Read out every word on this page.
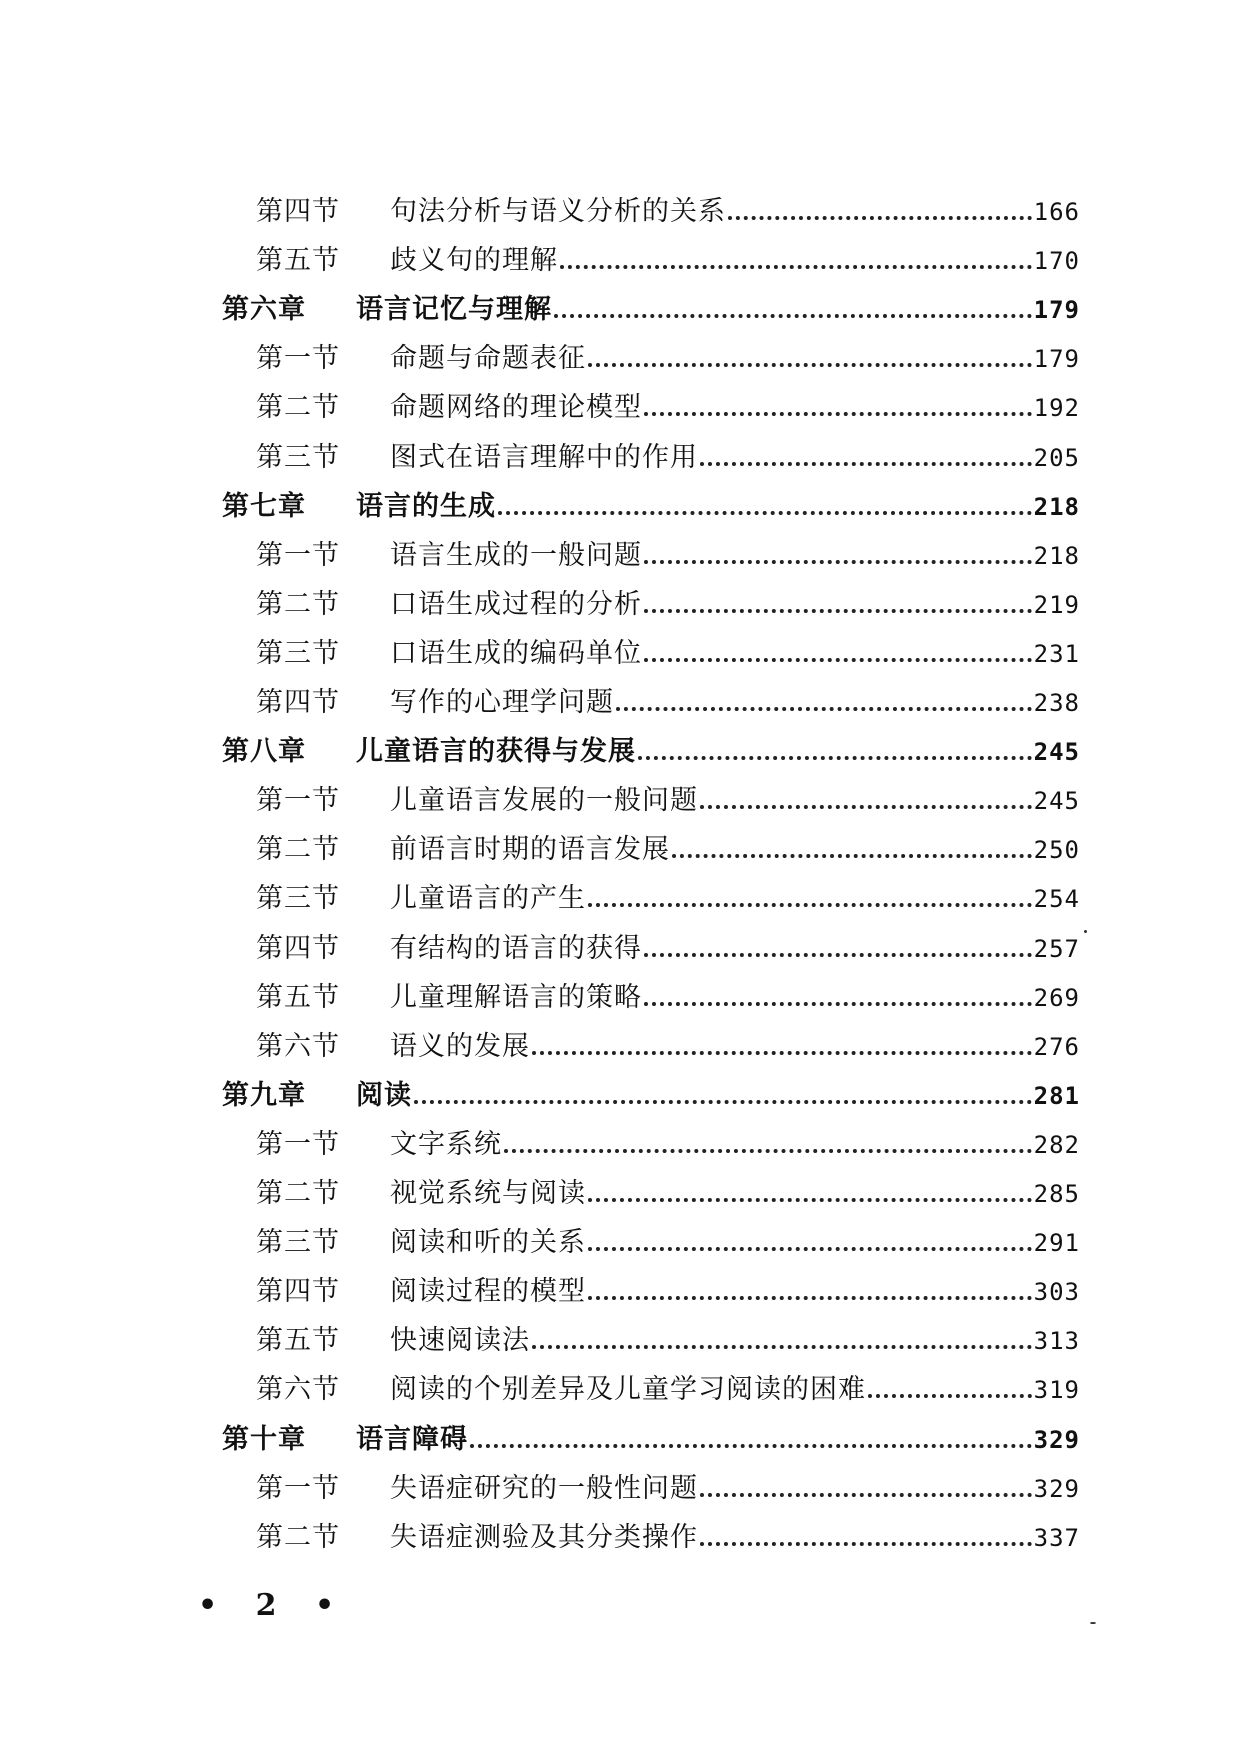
第四节	句法分析与语义分析的关系	166
第五节	歧义句的理解	170
第六章	语言记忆与理解	179
第一节	命题与命题表征	179
第二节	命题网络的理论模型	192
第三节	图式在语言理解中的作用	205
第七章	语言的生成	218
第一节	语言生成的一般问题	218
第二节	口语生成过程的分析	219
第三节	口语生成的编码单位	231
第四节	写作的心理学问题	238
第八章	儿童语言的获得与发展	245
第一节	儿童语言发展的一般问题	245
第二节	前语言时期的语言发展	250
第三节	儿童语言的产生	254
第四节	有结构的语言的获得	257
第五节	儿童理解语言的策略	269
第六节	语义的发展	276
第九章	阅读	281
第一节	文字系统	282
第二节	视觉系统与阅读	285
第三节	阅读和听的关系	291
第四节	阅读过程的模型	303
第五节	快速阅读法	313
第六节	阅读的个别差异及儿童学习阅读的困难	319
第十章	语言障碍	329
第一节	失语症研究的一般性问题	329
第二节	失语症测验及其分类操作	337
• 2 •
